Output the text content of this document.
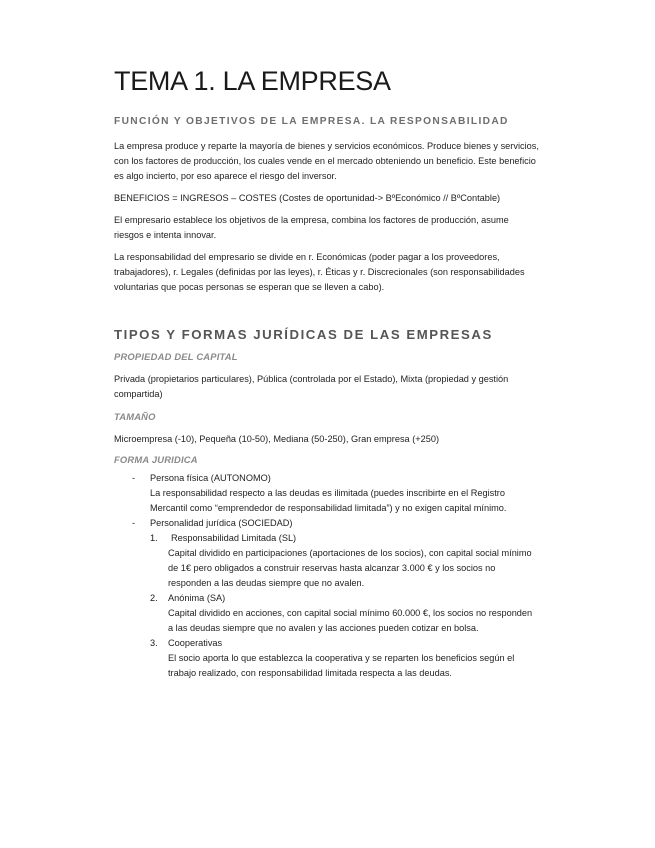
TEMA 1. LA EMPRESA
FUNCIÓN Y OBJETIVOS DE LA EMPRESA. LA RESPONSABILIDAD

La empresa produce y reparte la mayoría de bienes y servicios económicos. Produce bienes y servicios, con los factores de producción, los cuales vende en el mercado obteniendo un beneficio. Este beneficio es algo incierto, por eso aparece el riesgo del inversor.

BENEFICIOS = INGRESOS – COSTES (Costes de oportunidad-> BºEconómico // BºContable)

El empresario establece los objetivos de la empresa, combina los factores de producción, asume riesgos e intenta innovar.

La responsabilidad del empresario se divide en r. Económicas (poder pagar a los proveedores, trabajadores), r. Legales (definidas por las leyes), r. Éticas y r. Discrecionales (son responsabilidades voluntarias que pocas personas se esperan que se lleven a cabo).

TIPOS Y FORMAS JURÍDICAS DE LAS EMPRESAS
PROPIEDAD DEL CAPITAL

Privada (propietarios particulares), Pública (controlada por el Estado), Mixta (propiedad y gestión compartida)

TAMAÑO

Microempresa (-10), Pequeña (10-50), Mediana (50-250), Gran empresa (+250)

FORMA JURIDICA
- Persona física (AUTONOMO)
La responsabilidad respecto a las deudas es ilimitada (puedes inscribirte en el Registro Mercantil como “emprendedor de responsabilidad limitada”) y no exigen capital mínimo.
- Personalidad jurídica (SOCIEDAD)
1.	Responsabilidad Limitada (SL)
Capital dividido en participaciones (aportaciones de los socios), con capital social mínimo de 1€ pero obligados a construir reservas hasta alcanzar 3.000 € y los socios no responden a las deudas siempre que no avalen.
2. Anónima (SA)
Capital dividido en acciones, con capital social mínimo 60.000 €, los socios no responden a las deudas siempre que no avalen y las acciones pueden cotizar en bolsa.
3. Cooperativas
El socio aporta lo que establezca la cooperativa y se reparten los beneficios según el trabajo realizado, con responsabilidad limitada respecta a las deudas.
